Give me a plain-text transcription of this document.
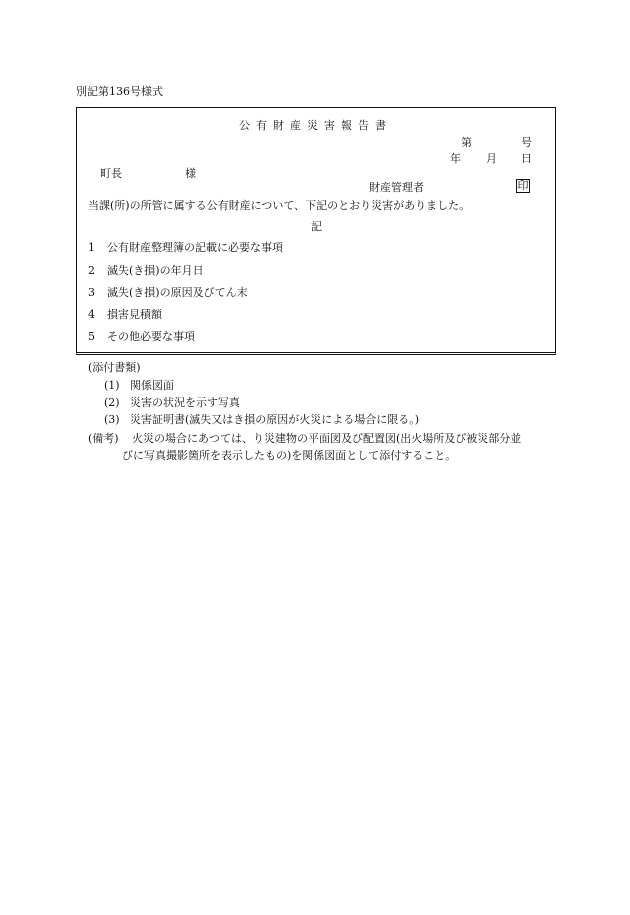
別記第136号様式
公有財産災害報告書
第	号
年 月 日
町長	様
財産管理者	印
当課(所)の所管に属する公有財産について、下記のとおり災害がありました。
記
1 公有財産整理簿の記載に必要な事項
2 滅失(き損)の年月日
3 滅失(き損)の原因及びてん末
4 損害見積額
5 その他必要な事項
(添付書類)
(1) 関係図面
(2) 災害の状況を示す写真
(3) 災害証明書(滅失又はき損の原因が火災による場合に限る。)
(備考) 火災の場合にあつては、り災建物の平面図及び配置図(出火場所及び被災部分並
びに写真撮影箇所を表示したもの)を関係図面として添付すること。
